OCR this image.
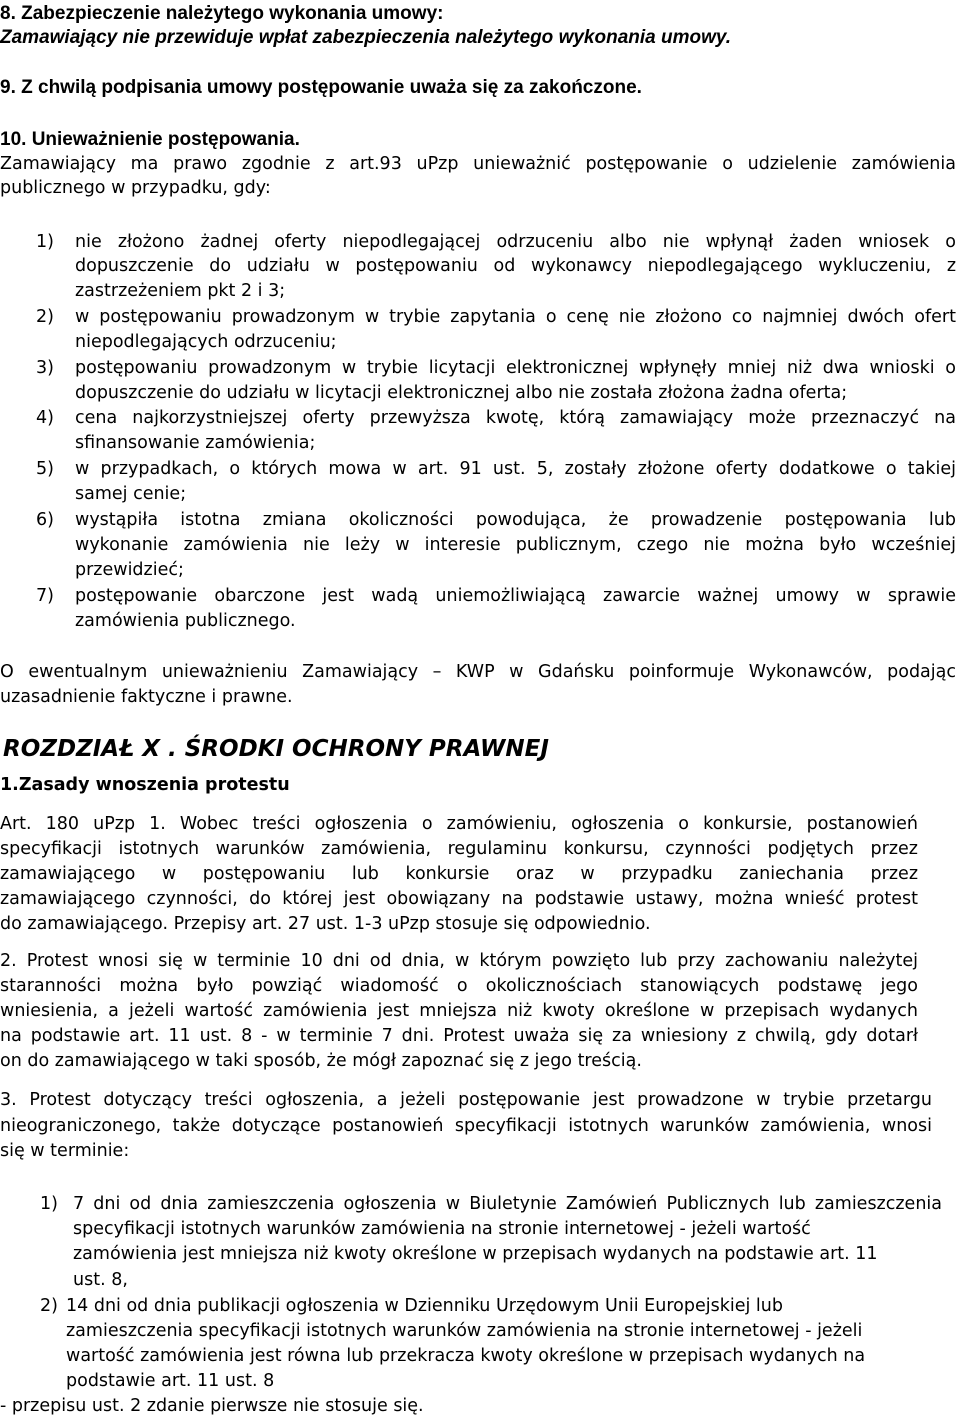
8. Zabezpieczenie należytego wykonania umowy:
Zamawiający nie przewiduje wpłat zabezpieczenia należytego wykonania umowy.
9. Z chwilą podpisania umowy postępowanie uważa się za zakończone.
10. Unieważnienie postępowania.
Zamawiający ma prawo zgodnie z art.93 uPzp unieważnić postępowanie o udzielenie zamówienia
publicznego w przypadku, gdy:
1) nie złożono żadnej oferty niepodlegającej odrzuceniu albo nie wpłynął żaden wniosek o
dopuszczenie do udziału w postępowaniu od wykonawcy niepodlegającego wykluczeniu, z
zastrzeżeniem pkt 2 i 3;
2) w postępowaniu prowadzonym w trybie zapytania o cenę nie złożono co najmniej dwóch ofert
niepodlegających odrzuceniu;
3) postępowaniu prowadzonym w trybie licytacji elektronicznej wpłynęły mniej niż dwa wnioski o
dopuszczenie do udziału w licytacji elektronicznej albo nie została złożona żadna oferta;
4) cena najkorzystniejszej oferty przewyższa kwotę, którą zamawiający może przeznaczyć na
sfinansowanie zamówienia;
5) w przypadkach, o których mowa w art. 91 ust. 5, zostały złożone oferty dodatkowe o takiej
samej cenie;
6) wystąpiła istotna zmiana okoliczności powodująca, że prowadzenie postępowania lub
wykonanie zamówienia nie leży w interesie publicznym, czego nie można było wcześniej
przewidzieć;
7) postępowanie obarczone jest wadą uniemożliwiającą zawarcie ważnej umowy w sprawie
zamówienia publicznego.
O ewentualnym unieważnieniu Zamawiający – KWP w Gdańsku poinformuje Wykonawców, podając
uzasadnienie faktyczne i prawne.
ROZDZIAŁ X . ŚRODKI OCHRONY PRAWNEJ
1.Zasady wnoszenia protestu
Art. 180 uPzp 1. Wobec treści ogłoszenia o zamówieniu, ogłoszenia o konkursie, postanowień
specyfikacji istotnych warunków zamówienia, regulaminu konkursu, czynności podjętych przez
zamawiającego w postępowaniu lub konkursie oraz w przypadku zaniechania przez
zamawiającego czynności, do której jest obowiązany na podstawie ustawy, można wnieść protest
do zamawiającego. Przepisy art. 27 ust. 1-3 uPzp stosuje się odpowiednio.
2. Protest wnosi się w terminie 10 dni od dnia, w którym powzięto lub przy zachowaniu należytej
staranności można było powziąć wiadomość o okolicznościach stanowiących podstawę jego
wniesienia, a jeżeli wartość zamówienia jest mniejsza niż kwoty określone w przepisach wydanych
na podstawie art. 11 ust. 8 - w terminie 7 dni. Protest uważa się za wniesiony z chwilą, gdy dotarł
on do zamawiającego w taki sposób, że mógł zapoznać się z jego treścią.
3. Protest dotyczący treści ogłoszenia, a jeżeli postępowanie jest prowadzone w trybie przetargu
nieograniczonego, także dotyczące postanowień specyfikacji istotnych warunków zamówienia, wnosi
się w terminie:
1) 7 dni od dnia zamieszczenia ogłoszenia w Biuletynie Zamówień Publicznych lub zamieszczenia
specyfikacji istotnych warunków zamówienia na stronie internetowej - jeżeli wartość
zamówienia jest mniejsza niż kwoty określone w przepisach wydanych na podstawie art. 11
ust. 8,
2) 14 dni od dnia publikacji ogłoszenia w Dzienniku Urzędowym Unii Europejskiej lub
zamieszczenia specyfikacji istotnych warunków zamówienia na stronie internetowej - jeżeli
wartość zamówienia jest równa lub przekracza kwoty określone w przepisach wydanych na
podstawie art. 11 ust. 8
- przepisu ust. 2 zdanie pierwsze nie stosuje się.
